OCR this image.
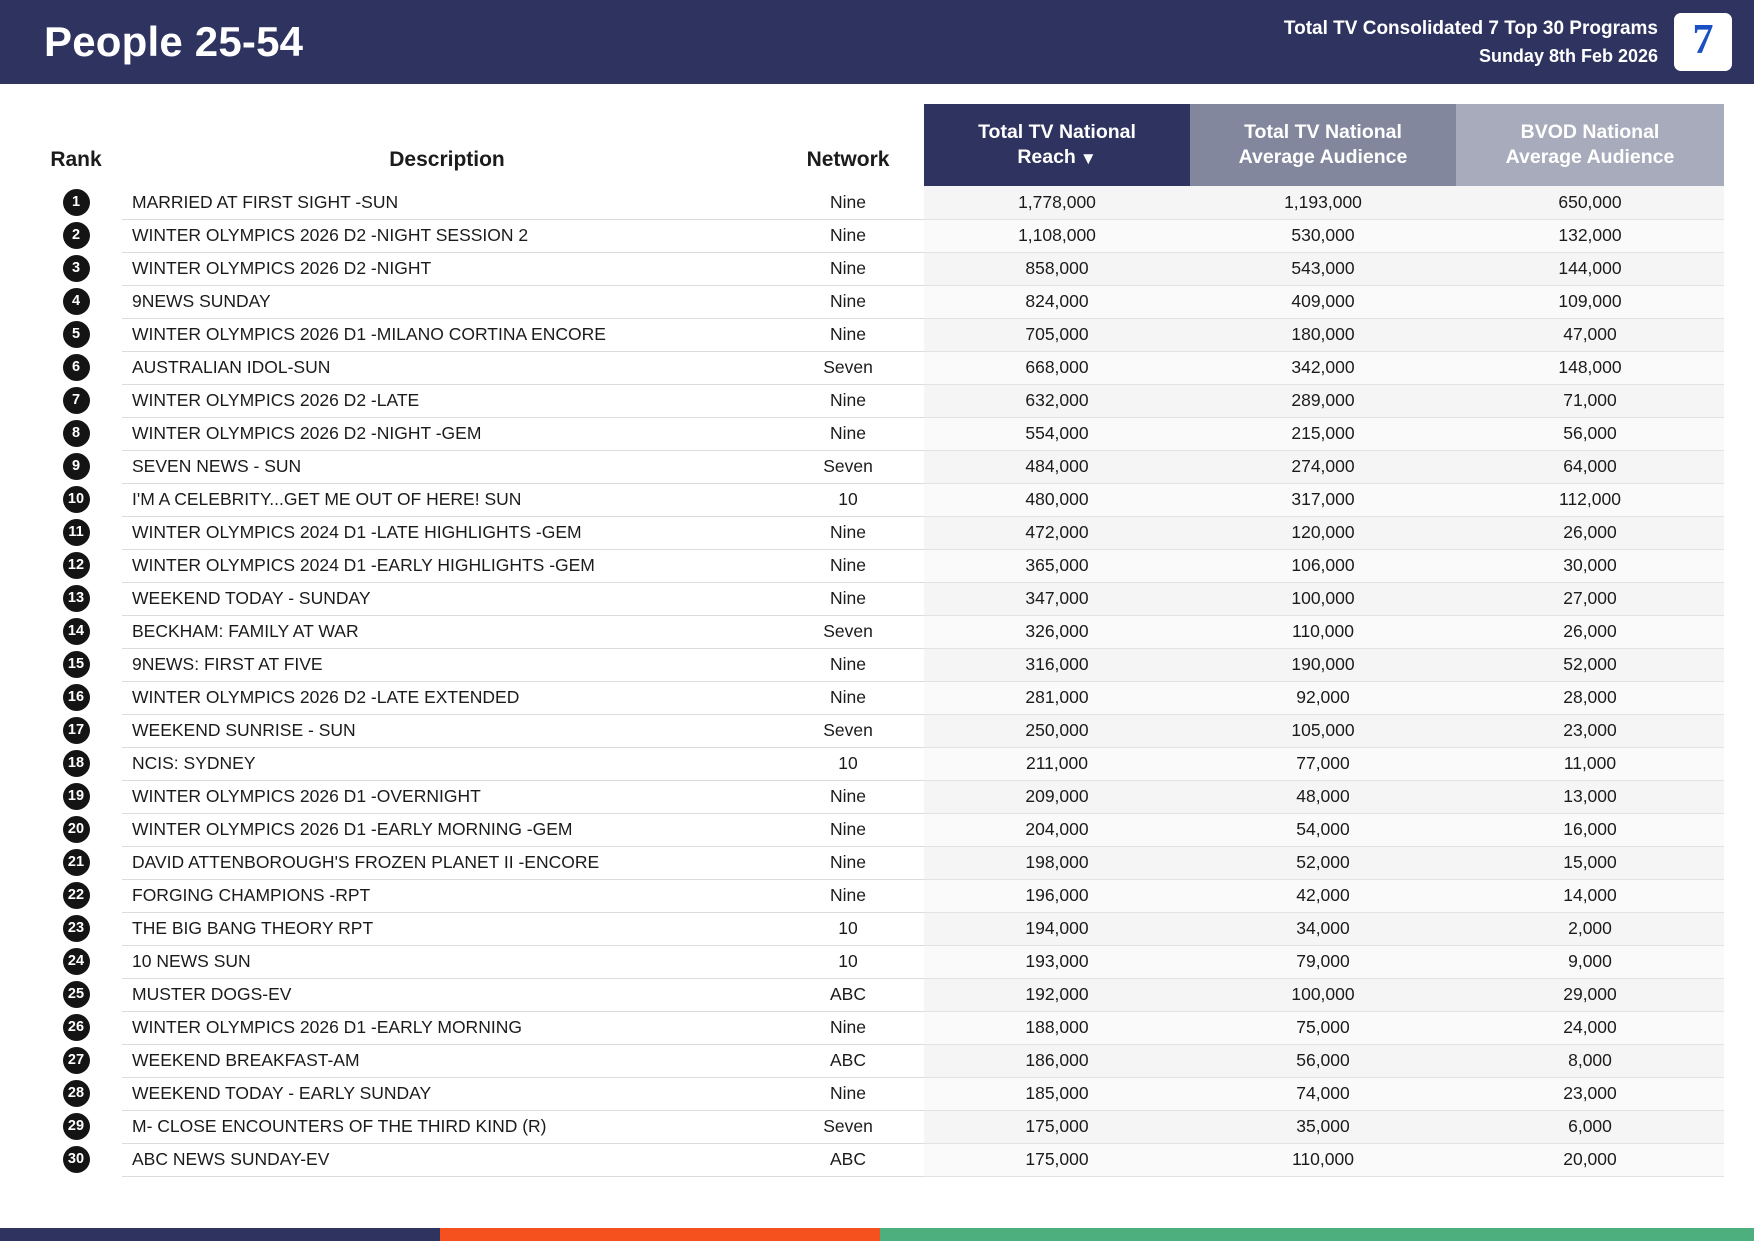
People 25-54	Total TV Consolidated 7 Top 30 Programs
Sunday 8th Feb 2026 7
Rank	Description	Network	
Total TV National
Reach ▼

Total TV National
Average Audience

BVOD National
Average Audience

1	MARRIED AT FIRST SIGHT -SUN	Nine	1,778,000	1,193,000	650,000
2	WINTER OLYMPICS 2026 D2 -NIGHT SESSION 2	Nine	1,108,000	530,000	132,000
3	WINTER OLYMPICS 2026 D2 -NIGHT	Nine	858,000	543,000	144,000
4	9NEWS SUNDAY	Nine	824,000	409,000	109,000
5	WINTER OLYMPICS 2026 D1 -MILANO CORTINA ENCORE	Nine	705,000	180,000	47,000
6	AUSTRALIAN IDOL-SUN	Seven	668,000	342,000	148,000
7	WINTER OLYMPICS 2026 D2 -LATE	Nine	632,000	289,000	71,000
8	WINTER OLYMPICS 2026 D2 -NIGHT -GEM	Nine	554,000	215,000	56,000
9	SEVEN NEWS - SUN	Seven	484,000	274,000	64,000
10	I'M A CELEBRITY...GET ME OUT OF HERE! SUN	10	480,000	317,000	112,000
11	WINTER OLYMPICS 2024 D1 -LATE HIGHLIGHTS -GEM	Nine	472,000	120,000	26,000
12	WINTER OLYMPICS 2024 D1 -EARLY HIGHLIGHTS -GEM	Nine	365,000	106,000	30,000
13	WEEKEND TODAY - SUNDAY	Nine	347,000	100,000	27,000
14	BECKHAM: FAMILY AT WAR	Seven	326,000	110,000	26,000
15	9NEWS: FIRST AT FIVE	Nine	316,000	190,000	52,000
16	WINTER OLYMPICS 2026 D2 -LATE EXTENDED	Nine	281,000	92,000	28,000
17	WEEKEND SUNRISE - SUN	Seven	250,000	105,000	23,000
18	NCIS: SYDNEY	10	211,000	77,000	11,000
19	WINTER OLYMPICS 2026 D1 -OVERNIGHT	Nine	209,000	48,000	13,000
20	WINTER OLYMPICS 2026 D1 -EARLY MORNING -GEM	Nine	204,000	54,000	16,000
21	DAVID ATTENBOROUGH'S FROZEN PLANET II -ENCORE	Nine	198,000	52,000	15,000
22	FORGING CHAMPIONS -RPT	Nine	196,000	42,000	14,000
23	THE BIG BANG THEORY RPT	10	194,000	34,000	2,000
24	10 NEWS SUN	10	193,000	79,000	9,000
25	MUSTER DOGS-EV	ABC	192,000	100,000	29,000
26	WINTER OLYMPICS 2026 D1 -EARLY MORNING	Nine	188,000	75,000	24,000
27	WEEKEND BREAKFAST-AM	ABC	186,000	56,000	8,000
28	WEEKEND TODAY - EARLY SUNDAY	Nine	185,000	74,000	23,000
29	M- CLOSE ENCOUNTERS OF THE THIRD KIND (R)	Seven	175,000	35,000	6,000
30	ABC NEWS SUNDAY-EV	ABC	175,000	110,000	20,000
